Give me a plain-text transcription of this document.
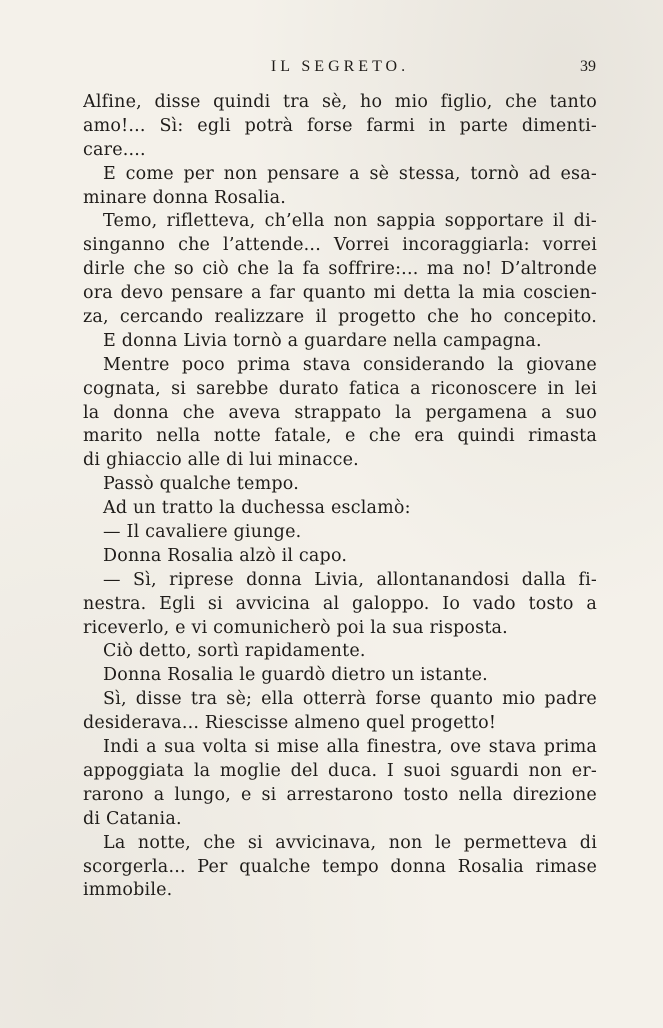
IL SEGRETO.	39
Alfine, disse quindi tra sè, ho mio figlio, che tanto
amo!... Sì: egli potrà forse farmi in parte dimenti-
care....
E come per non pensare a sè stessa, tornò ad esa-
minare donna Rosalia.
Temo, rifletteva, ch’ella non sappia sopportare il di-
singanno che l’attende... Vorrei incoraggiarla: vorrei
dirle che so ciò che la fa soffrire:... ma no! D’altronde
ora devo pensare a far quanto mi detta la mia coscien-
za, cercando realizzare il progetto che ho concepito.
E donna Livia tornò a guardare nella campagna.
Mentre poco prima stava considerando la giovane
cognata, si sarebbe durato fatica a riconoscere in lei
la donna che aveva strappato la pergamena a suo
marito nella notte fatale, e che era quindi rimasta
di ghiaccio alle di lui minacce.
Passò qualche tempo.
Ad un tratto la duchessa esclamò:
— Il cavaliere giunge.
Donna Rosalia alzò il capo.
— Sì, riprese donna Livia, allontanandosi dalla fi-
nestra. Egli si avvicina al galoppo. Io vado tosto a
riceverlo, e vi comunicherò poi la sua risposta.
Ciò detto, sortì rapidamente.
Donna Rosalia le guardò dietro un istante.
Sì, disse tra sè; ella otterrà forse quanto mio padre
desiderava... Riescisse almeno quel progetto!
Indi a sua volta si mise alla finestra, ove stava prima
appoggiata la moglie del duca. I suoi sguardi non er-
rarono a lungo, e si arrestarono tosto nella direzione
di Catania.
La notte, che si avvicinava, non le permetteva di
scorgerla... Per qualche tempo donna Rosalia rimase
immobile.
